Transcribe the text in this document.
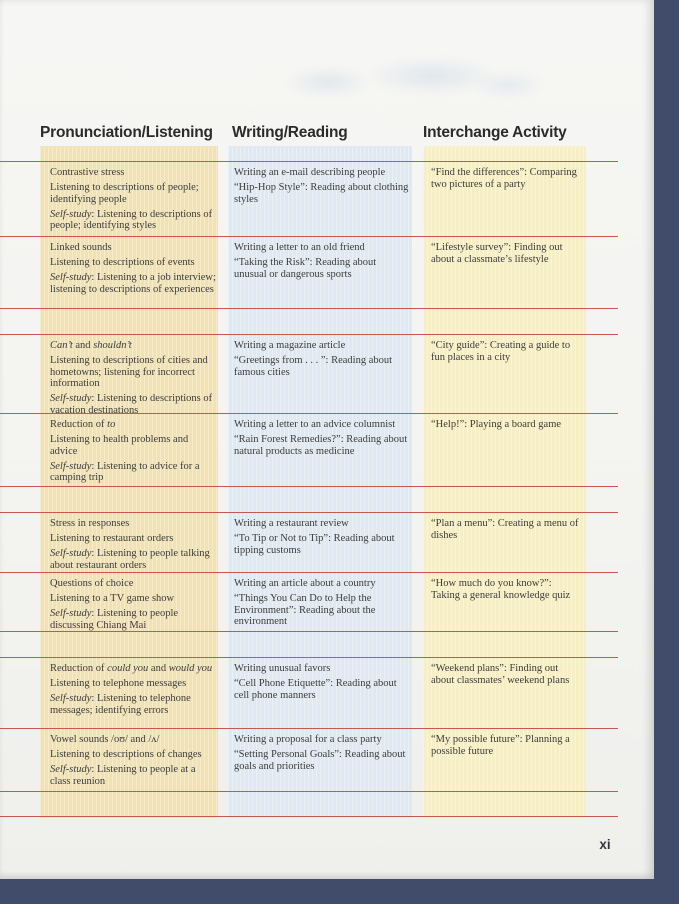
Pronunciation/Listening Writing/Reading	Interchange Activity

Contrastive stress

Listening to descriptions of people; identifying people

Self-study: Listening to descriptions of people; identifying styles

Writing an e-mail describing people

“Hip-Hop Style”: Reading about clothing styles

“Find the differences”: Comparing two pictures of a party

Linked sounds

Listening to descriptions of events

Self-study: Listening to a job interview; listening to descriptions of experiences

Writing a letter to an old friend

“Taking the Risk”: Reading about unusual or dangerous sports

“Lifestyle survey”: Finding out about a classmate’s lifestyle

Can’t and shouldn’t

Listening to descriptions of cities and hometowns; listening for incorrect information

Self-study: Listening to descriptions of vacation destinations

Writing a magazine article

“Greetings from . . . ”: Reading about famous cities

“City guide”: Creating a guide to fun places in a city

Reduction of to

Listening to health problems and advice

Self-study: Listening to advice for a camping trip

Writing a letter to an advice columnist

“Rain Forest Remedies?”: Reading about natural products as medicine

“Help!”: Playing a board game

Stress in responses

Listening to restaurant orders

Self-study: Listening to people talking about restaurant orders

Writing a restaurant review

“To Tip or Not to Tip”: Reading about tipping customs

“Plan a menu”: Creating a menu of dishes

Questions of choice

Listening to a TV game show

Self-study: Listening to people discussing Chiang Mai

Writing an article about a country

“Things You Can Do to Help the Environment”: Reading about the environment

“How much do you know?”: Taking a general knowledge quiz

Reduction of could you and would you

Listening to telephone messages

Self-study: Listening to telephone messages; identifying errors

Writing unusual favors

“Cell Phone Etiquette”: Reading about cell phone manners

“Weekend plans”: Finding out about classmates’ weekend plans

Vowel sounds /oʊ/ and /ʌ/

Listening to descriptions of changes

Self-study: Listening to people at a class reunion

Writing a proposal for a class party

“Setting Personal Goals”: Reading about goals and priorities

“My possible future”: Planning a possible future

xi
